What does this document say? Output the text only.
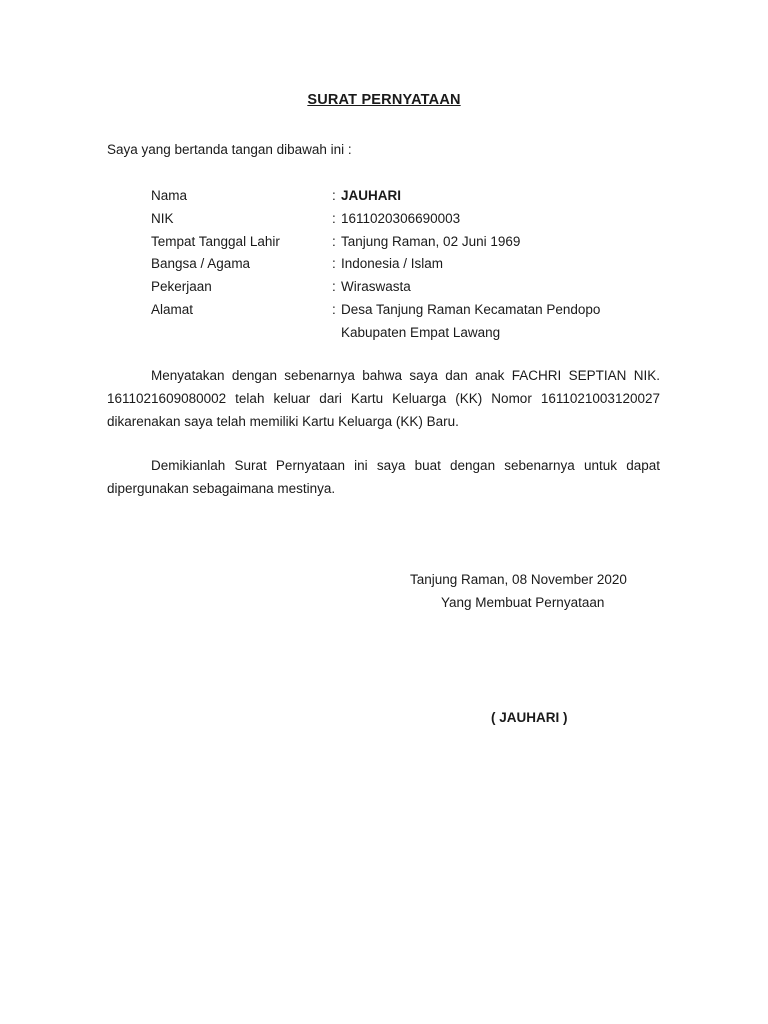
SURAT PERNYATAAN
Saya yang bertanda tangan dibawah ini :
Nama	: JAUHARI
NIK	: 1611020306690003
Tempat Tanggal Lahir	: Tanjung Raman, 02 Juni 1969
Bangsa / Agama	: Indonesia / Islam
Pekerjaan	: Wiraswasta
Alamat	: Desa Tanjung Raman Kecamatan Pendopo
Kabupaten Empat Lawang
Menyatakan dengan sebenarnya bahwa saya dan anak FACHRI SEPTIAN NIK. 1611021609080002 telah keluar dari Kartu Keluarga (KK) Nomor 1611021003120027 dikarenakan saya telah memiliki Kartu Keluarga (KK) Baru.
Demikianlah Surat Pernyataan ini saya buat dengan sebenarnya untuk dapat dipergunakan sebagaimana mestinya.
Tanjung Raman, 08 November 2020
Yang Membuat Pernyataan
( JAUHARI )
